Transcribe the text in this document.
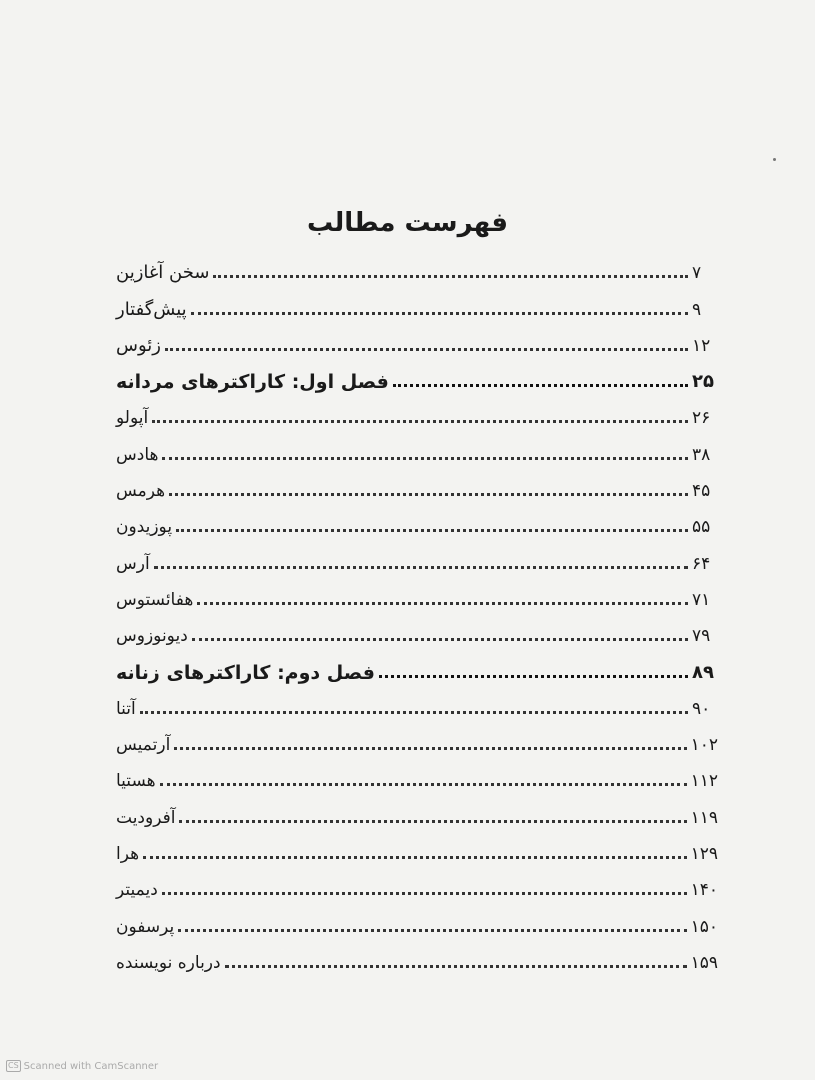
فهرست مطالب
سخن آغازین	۷
پیش‌گفتار	۹
زئوس	۱۲
فصل اول: کاراکترهای مردانه	۲۵
آپولو	۲۶
هادس	۳۸
هرمس	۴۵
پوزیدون	۵۵
آرس	۶۴
هفائستوس	۷۱
دیونوزوس	۷۹
فصل دوم: کاراکترهای زنانه	۸۹
آتنا	۹۰
آرتمیس	۱۰۲
هستیا	۱۱۲
آفرودیت	۱۱۹
هرا	۱۲۹
دیمیتر	۱۴۰
پرسفون	۱۵۰
درباره نویسنده	۱۵۹
CS Scanned with CamScanner
